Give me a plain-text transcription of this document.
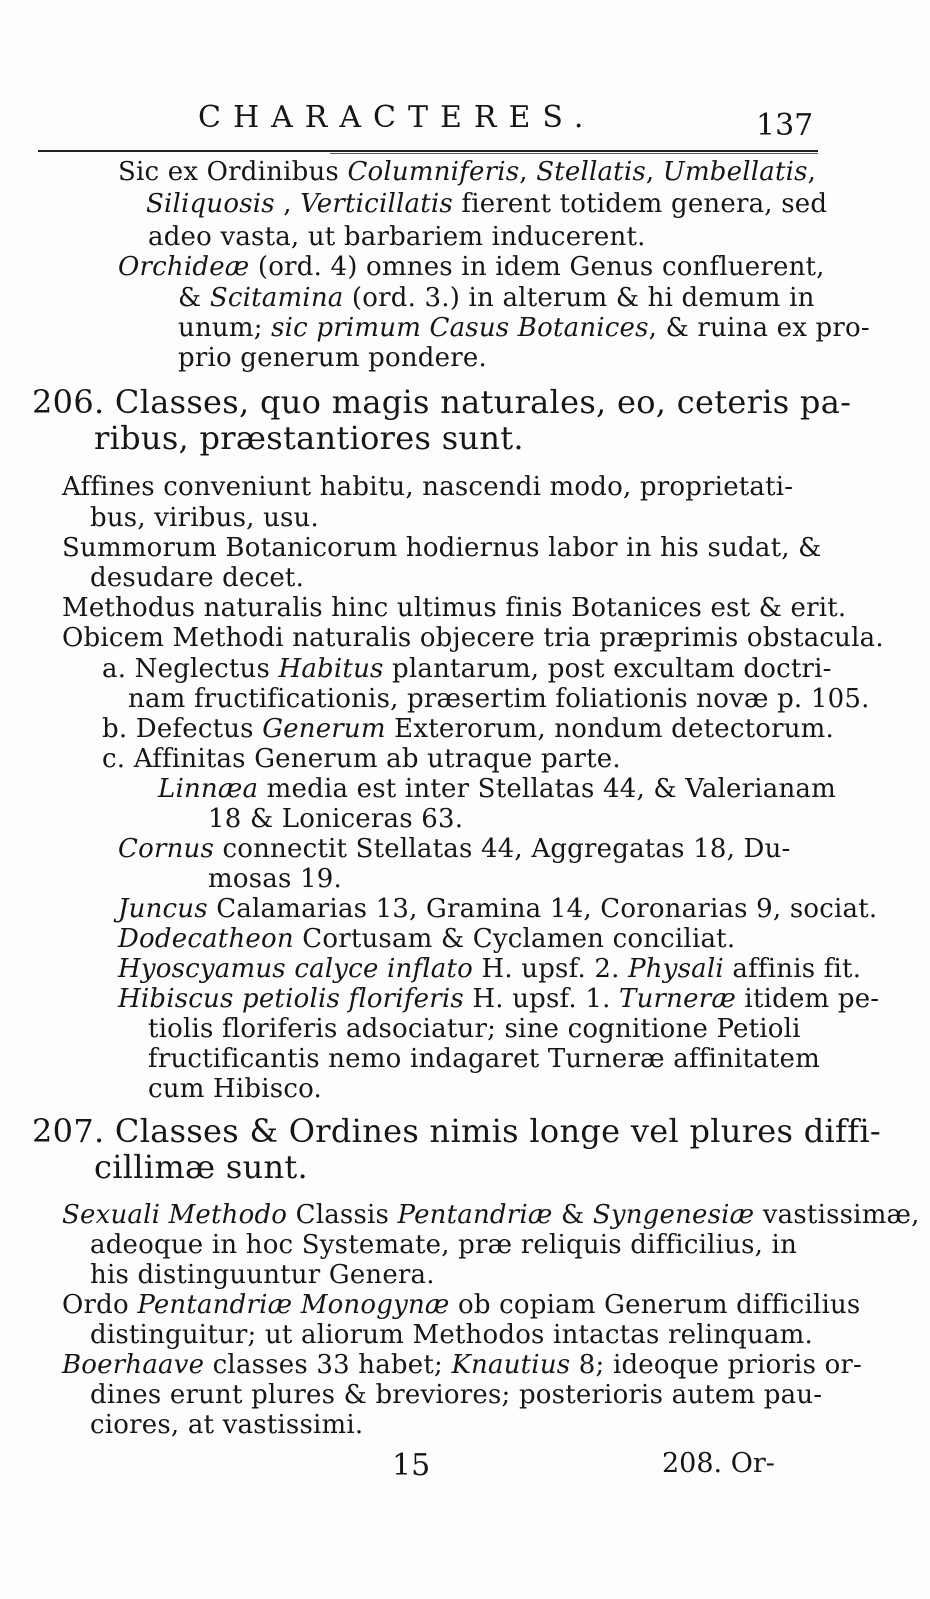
CHARACTERES.	137
Sic ex Ordinibus Columniferis, Stellatis, Umbellatis,
Siliquosis , Verticillatis fierent totidem genera, sed
adeo vasta, ut barbariem inducerent.
Orchideæ (ord. 4) omnes in idem Genus confluerent,
& Scitamina (ord. 3.) in alterum & hi demum in
unum; sic primum Casus Botanices, & ruina ex pro-
prio generum pondere.
206. Classes, quo magis naturales, eo, ceteris pa-
ribus, præstantiores sunt.
Affines conveniunt habitu, nascendi modo, proprietati-
bus, viribus, usu.
Summorum Botanicorum hodiernus labor in his sudat, &
desudare decet.
Methodus naturalis hinc ultimus finis Botanices est & erit.
Obicem Methodi naturalis objecere tria præprimis obstacula.
a. Neglectus Habitus plantarum, post excultam doctri-
nam fructificationis, præsertim foliationis novæ p. 105.
b. Defectus Generum Exterorum, nondum detectorum.
c. Affinitas Generum ab utraque parte.
Linnæa media est inter Stellatas 44, & Valerianam
18 & Loniceras 63.
Cornus connectit Stellatas 44, Aggregatas 18, Du-
mosas 19.
Juncus Calamarias 13, Gramina 14, Coronarias 9, sociat.
Dodecatheon Cortusam & Cyclamen conciliat.
Hyoscyamus calyce inflato H. upsf. 2. Physali affinis fit.
Hibiscus petiolis floriferis H. upsf. 1. Turneræ itidem pe-
tiolis floriferis adsociatur; sine cognitione Petioli
fructificantis nemo indagaret Turneræ affinitatem
cum Hibisco.
207. Classes & Ordines nimis longe vel plures diffi-
cillimæ sunt.
Sexuali Methodo Classis Pentandriæ & Syngenesiæ vastissimæ,
adeoque in hoc Systemate, præ reliquis difficilius, in
his distinguuntur Genera.
Ordo Pentandriæ Monogynæ ob copiam Generum difficilius
distinguitur; ut aliorum Methodos intactas relinquam.
Boerhaave classes 33 habet; Knautius 8; ideoque prioris or-
dines erunt plures & breviores; posterioris autem pau-
ciores, at vastissimi.
15	208. Or-
